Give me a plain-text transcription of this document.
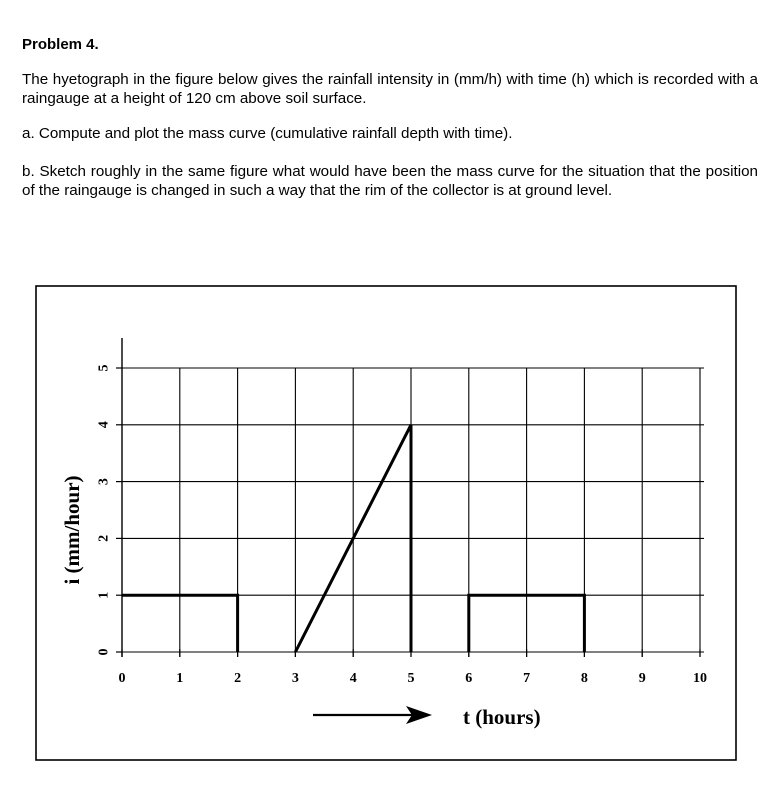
Problem 4.
The hyetograph in the figure below gives the rainfall intensity in (mm/h) with time (h) which is recorded with a raingauge at a height of 120 cm above soil surface.
a. Compute and plot the mass curve (cumulative rainfall depth with time).
b. Sketch roughly in the same figure what would have been the mass curve for the situation that the position of the raingauge is changed in such a way that the rim of the collector is at ground level.
0	1	2	3	4	5	6	7	8	9	10
0
1
2
3
4
5
i (mm/hour)
t (hours)
